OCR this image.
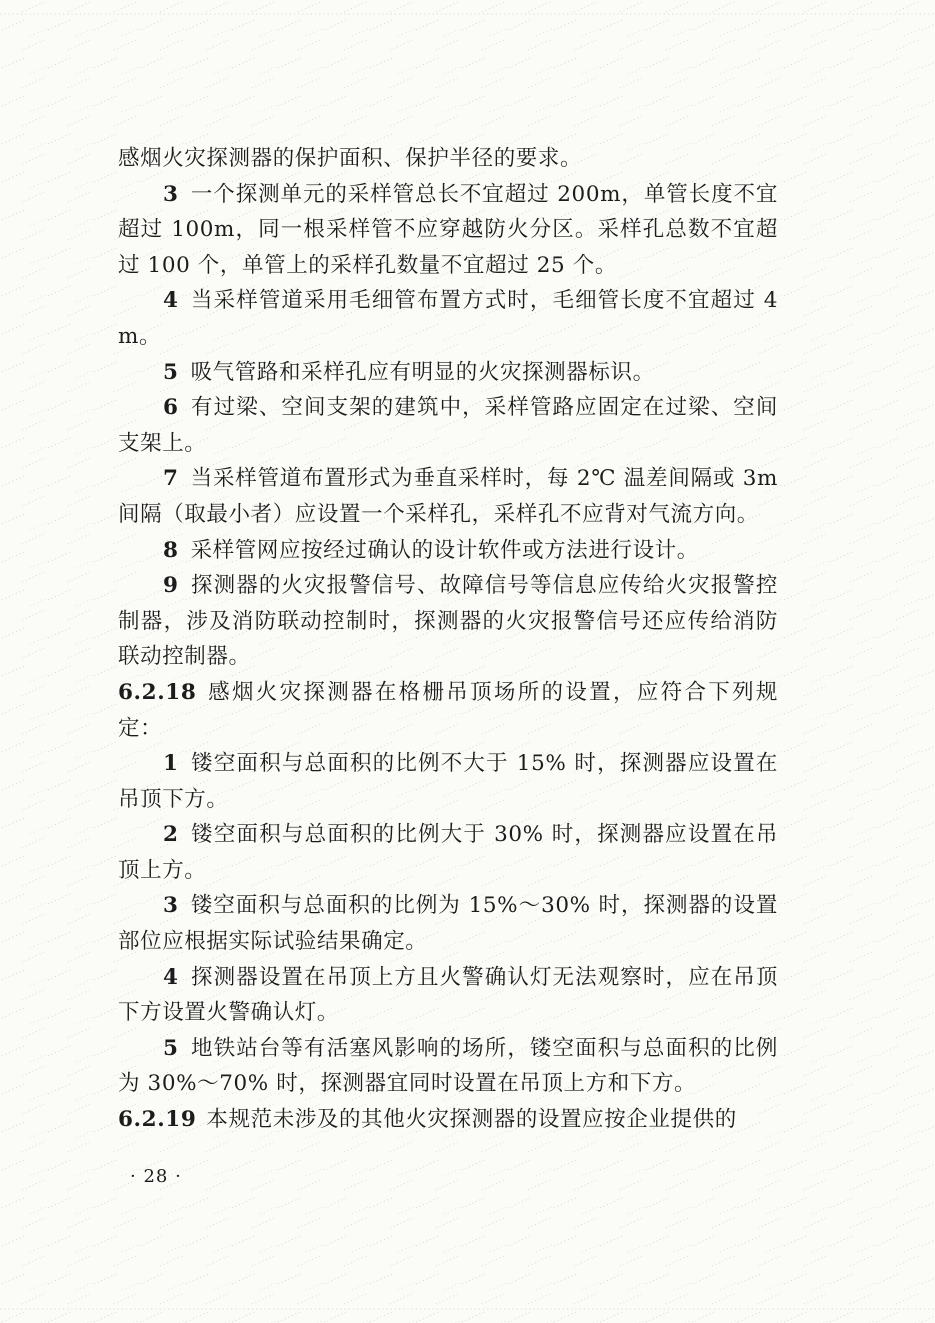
感烟火灾探测器的保护面积、保护半径的要求。

3 一个探测单元的采样管总长不宜超过 200m，单管长度不宜超过 100m，同一根采样管不应穿越防火分区。采样孔总数不宜超过 100 个，单管上的采样孔数量不宜超过 25 个。

4 当采样管道采用毛细管布置方式时，毛细管长度不宜超过 4m。

5 吸气管路和采样孔应有明显的火灾探测器标识。

6 有过梁、空间支架的建筑中，采样管路应固定在过梁、空间支架上。

7 当采样管道布置形式为垂直采样时，每 2℃ 温差间隔或 3m 间隔（取最小者）应设置一个采样孔，采样孔不应背对气流方向。

8 采样管网应按经过确认的设计软件或方法进行设计。

9 探测器的火灾报警信号、故障信号等信息应传给火灾报警控制器，涉及消防联动控制时，探测器的火灾报警信号还应传给消防联动控制器。

6.2.18 感烟火灾探测器在格栅吊顶场所的设置，应符合下列规定：

1 镂空面积与总面积的比例不大于 15% 时，探测器应设置在吊顶下方。

2 镂空面积与总面积的比例大于 30% 时，探测器应设置在吊顶上方。

3 镂空面积与总面积的比例为 15%～30% 时，探测器的设置部位应根据实际试验结果确定。

4 探测器设置在吊顶上方且火警确认灯无法观察时，应在吊顶下方设置火警确认灯。

5 地铁站台等有活塞风影响的场所，镂空面积与总面积的比例为 30%～70% 时，探测器宜同时设置在吊顶上方和下方。

6.2.19 本规范未涉及的其他火灾探测器的设置应按企业提供的

· 28 ·
